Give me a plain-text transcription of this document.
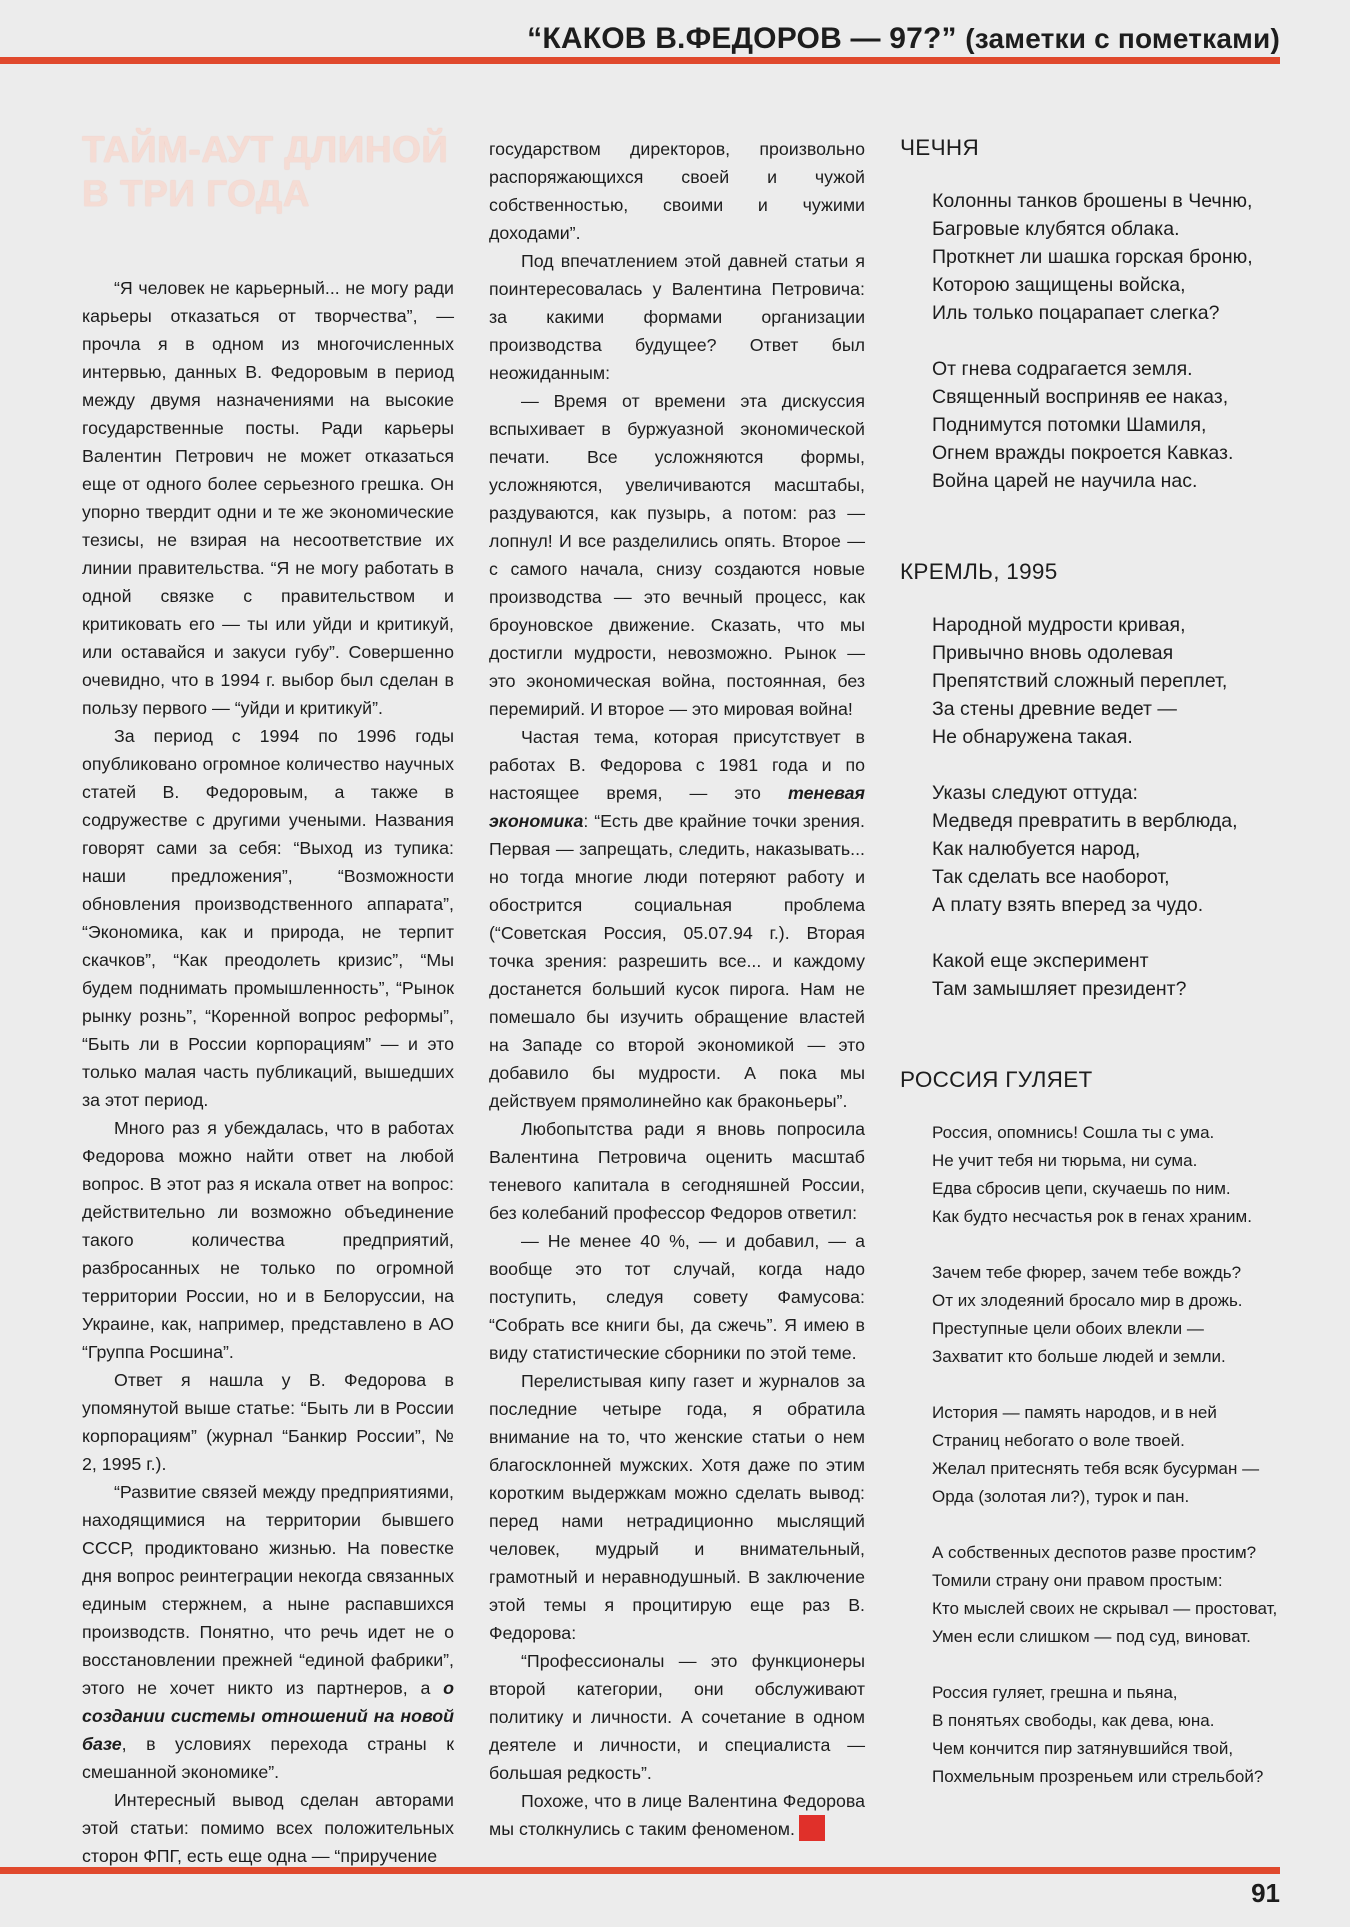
“КАКОВ В.ФЕДОРОВ — 97?” (заметки с пометками)
ТАЙМ-АУТ ДЛИНОЙ В ТРИ ГОДА

“Я человек не карьерный... не могу ради карьеры отказаться от творчества”, — прочла я в одном из многочисленных интервью, данных В. Федоровым в период между двумя назначениями на высокие государственные посты. Ради карьеры Валентин Петрович не может отказаться еще от одного более серьезного грешка. Он упорно твердит одни и те же экономические тезисы, не взирая на несоответствие их линии правительства. “Я не могу работать в одной связке с правительством и критиковать его — ты или уйди и критикуй, или оставайся и закуси губу”. Совершенно очевидно, что в 1994 г. выбор был сделан в пользу первого — “уйди и критикуй”.

За период с 1994 по 1996 годы опубликовано огромное количество научных статей В. Федоровым, а также в содружестве с другими учеными. Названия говорят сами за себя: “Выход из тупика: наши предложения”, “Возможности обновления производственного аппарата”, “Экономика, как и природа, не терпит скачков”, “Как преодолеть кризис”, “Мы будем поднимать промышленность”, “Рынок рынку рознь”, “Коренной вопрос реформы”, “Быть ли в России корпорациям” — и это только малая часть публикаций, вышедших за этот период.

Много раз я убеждалась, что в работах Федорова можно найти ответ на любой вопрос. В этот раз я искала ответ на вопрос: действительно ли возможно объединение такого количества предприятий, разбросанных не только по огромной территории России, но и в Белоруссии, на Украине, как, например, представлено в АО “Группа Росшина”.

Ответ я нашла у В. Федорова в упомянутой выше статье: “Быть ли в России корпорациям” (журнал “Банкир России”, № 2, 1995 г.).

“Развитие связей между предприятиями, находящимися на территории бывшего СССР, продиктовано жизнью. На повестке дня вопрос реинтеграции некогда связанных единым стержнем, а ныне распавшихся производств. Понятно, что речь идет не о восстановлении прежней “единой фабрики”, этого не хочет никто из партнеров, а о создании системы отношений на новой базе, в условиях перехода страны к смешанной экономике”.

Интересный вывод сделан авторами этой статьи: помимо всех положительных сторон ФПГ, есть еще одна — “приручение

государством директоров, произвольно распоряжающихся своей и чужой собственностью, своими и чужими доходами”.

Под впечатлением этой давней статьи я поинтересовалась у Валентина Петровича: за какими формами организации производства будущее? Ответ был неожиданным:

— Время от времени эта дискуссия вспыхивает в буржуазной экономической печати. Все усложняются формы, усложняются, увеличиваются масштабы, раздуваются, как пузырь, а потом: раз — лопнул! И все разделились опять. Второе — с самого начала, снизу создаются новые производства — это вечный процесс, как броуновское движение. Сказать, что мы достигли мудрости, невозможно. Рынок — это экономическая война, постоянная, без перемирий. И второе — это мировая война!

Частая тема, которая присутствует в работах В. Федорова с 1981 года и по настоящее время, — это теневая экономика: “Есть две крайние точки зрения. Первая — запрещать, следить, наказывать... но тогда многие люди потеряют работу и обострится социальная проблема (“Советская Россия, 05.07.94 г.). Вторая точка зрения: разрешить все... и каждому достанется больший кусок пирога. Нам не помешало бы изучить обращение властей на Западе со второй экономикой — это добавило бы мудрости. А пока мы действуем прямолинейно как браконьеры”.

Любопытства ради я вновь попросила Валентина Петровича оценить масштаб теневого капитала в сегодняшней России, без колебаний профессор Федоров ответил:

— Не менее 40 %, — и добавил, — а вообще это тот случай, когда надо поступить, следуя совету Фамусова: “Собрать все книги бы, да сжечь”. Я имею в виду статистические сборники по этой теме.

Перелистывая кипу газет и журналов за последние четыре года, я обратила внимание на то, что женские статьи о нем благосклонней мужских. Хотя даже по этим коротким выдержкам можно сделать вывод: перед нами нетрадиционно мыслящий человек, мудрый и внимательный, грамотный и неравнодушный. В заключение этой темы я процитирую еще раз В. Федорова:

“Профессионалы — это функционеры второй категории, они обслуживают политику и личности. А сочетание в одном деятеле и личности, и специалиста — большая редкость”.

Похоже, что в лице Валентина Федорова мы столкнулись с таким феноменом.

ЧЕЧНЯ
Колонны танков брошены в Чечню,
Багровые клубятся облака.
Проткнет ли шашка горская броню,
Которою защищены войска,
Иль только поцарапает слегка?
От гнева содрагается земля.
Священный восприняв ее наказ,
Поднимутся потомки Шамиля,
Огнем вражды покроется Кавказ.
Война царей не научила нас.
КРЕМЛЬ, 1995
Народной мудрости кривая,
Привычно вновь одолевая
Препятствий сложный переплет,
За стены древние ведет —
Не обнаружена такая.
Указы следуют оттуда:
Медведя превратить в верблюда,
Как налюбуется народ,
Так сделать все наоборот,
А плату взять вперед за чудо.
Какой еще эксперимент
Там замышляет президент?
РОССИЯ ГУЛЯЕТ
Россия, опомнись! Сошла ты с ума.
Не учит тебя ни тюрьма, ни сума.
Едва сбросив цепи, скучаешь по ним.
Как будто несчастья рок в генах храним.
Зачем тебе фюрер, зачем тебе вождь?
От их злодеяний бросало мир в дрожь.
Преступные цели обоих влекли —
Захватит кто больше людей и земли.
История — память народов, и в ней
Страниц небогато о воле твоей.
Желал притеснять тебя всяк бусурман —
Орда (золотая ли?), турок и пан.
А собственных деспотов разве простим?
Томили страну они правом простым:
Кто мыслей своих не скрывал — простоват,
Умен если слишком — под суд, виноват.
Россия гуляет, грешна и пьяна,
В понятьях свободы, как дева, юна.
Чем кончится пир затянувшийся твой,
Похмельным прозреньем или стрельбой?
91
